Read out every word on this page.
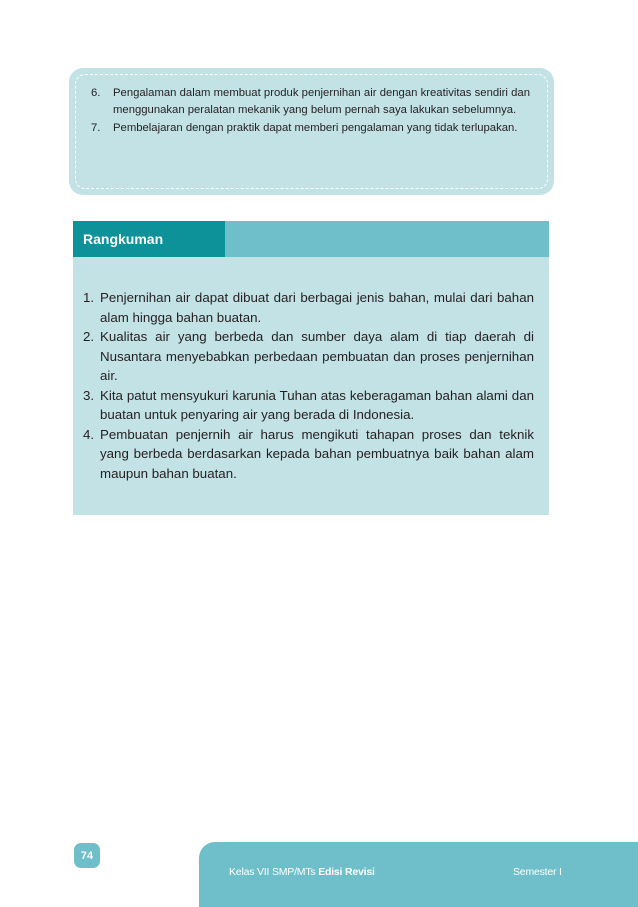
6. Pengalaman dalam membuat produk penjernihan air dengan kreativitas sendiri dan menggunakan peralatan mekanik yang belum pernah saya lakukan sebelumnya.
7. Pembelajaran dengan praktik dapat memberi pengalaman yang tidak terlupakan.
Rangkuman
1. Penjernihan air dapat dibuat dari berbagai jenis bahan, mulai dari bahan alam hingga bahan buatan.
2. Kualitas air yang berbeda dan sumber daya alam di tiap daerah di Nusantara menyebabkan perbedaan pembuatan dan proses penjernihan air.
3. Kita patut mensyukuri karunia Tuhan atas keberagaman bahan alami dan buatan untuk penyaring air yang berada di Indonesia.
4. Pembuatan penjernih air harus mengikuti tahapan proses dan teknik yang berbeda berdasarkan kepada bahan pembuatnya baik bahan alam maupun bahan buatan.
74
Kelas VII SMP/MTs Edisi Revisi	Semester I
